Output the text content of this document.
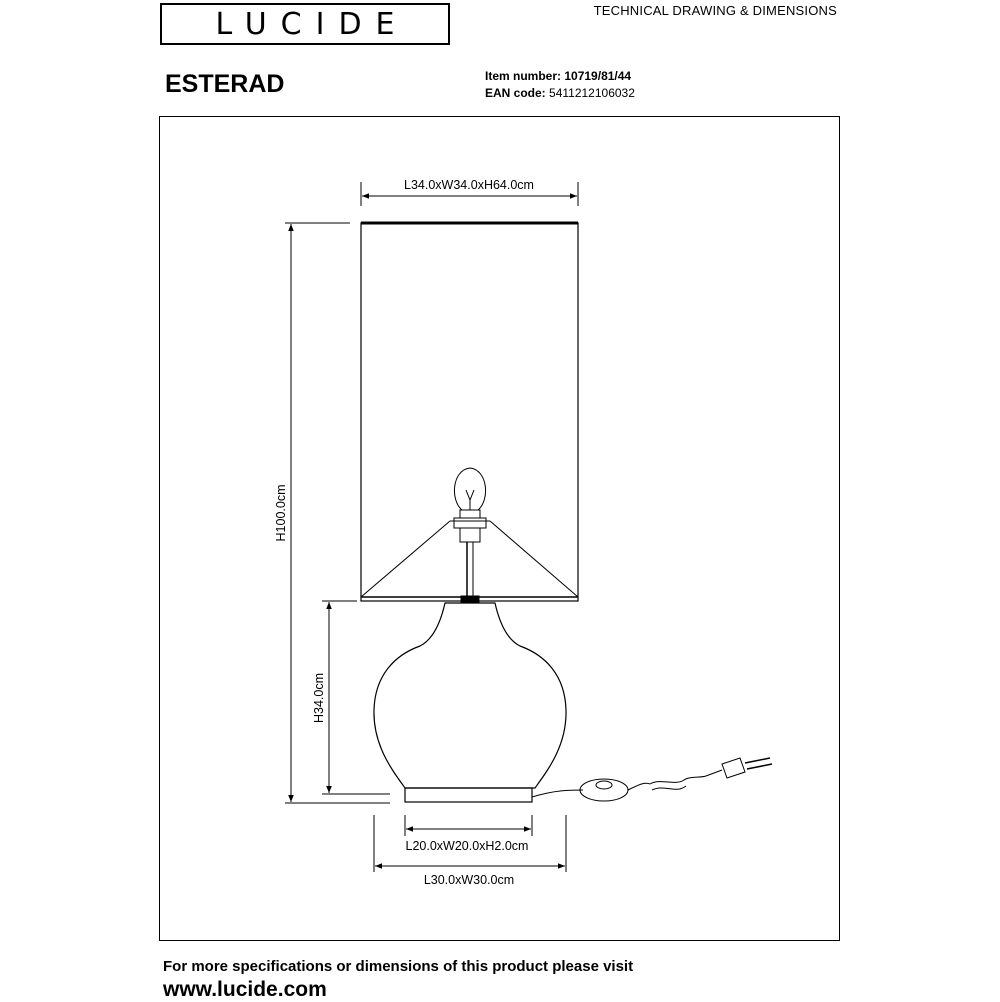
LUCIDE	TECHNICAL DRAWING & DIMENSIONS
ESTERAD	Item number: 10719/81/44
EAN code: 5411212106032
L34.0xW34.0xH64.0cm
H100.0cm
H34.0cm
L20.0xW20.0xH2.0cm
L30.0xW30.0cm
For more specifications or dimensions of this product please visit
www.lucide.com
